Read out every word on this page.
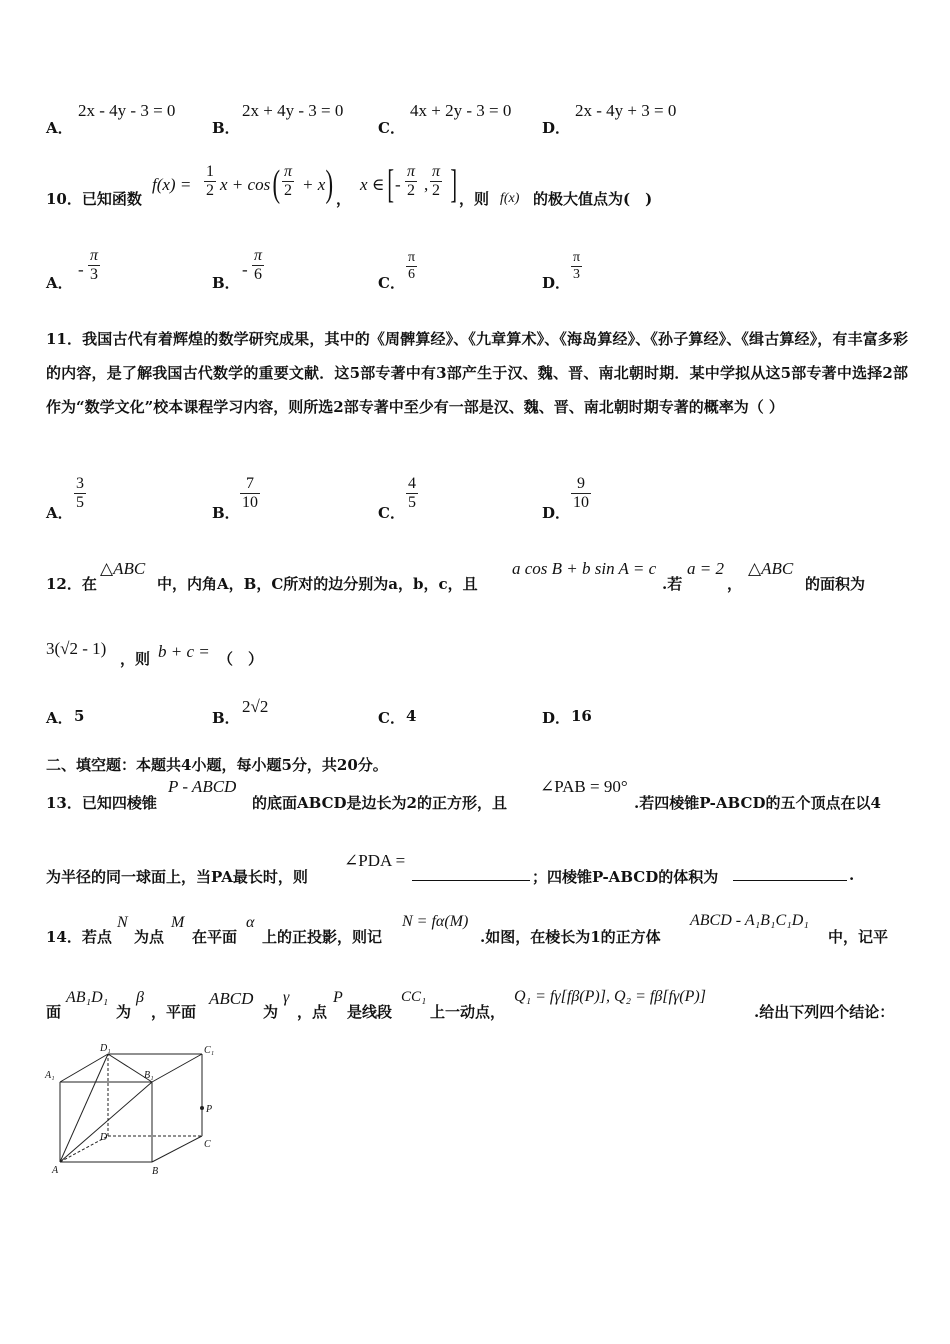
A．
2x - 4y - 3 = 0
B．
2x + 4y - 3 = 0
C．
4x + 2y - 3 = 0
D．
2x - 4y + 3 = 0
10．已知函数
$f(x) = \frac{1}{2}$ x + cos ( $\frac{\pi}{2} + x$ ) ，
x ∈ [ - $\frac{\pi}{2}$ , $\frac{\pi}{2}$ ] ，则 f(x) 的极大值点为(　)
A．
- $\frac{\pi}{3}$	B．
- $\frac{\pi}{6}$	C． $\frac{\pi}{6}$	D． $\frac{\pi}{3}$
11．我国古代有着辉煌的数学研究成果，其中的《周髀算经》、《九章算术》、《海岛算经》、《孙子算经》、《缉古算经》，有丰富多彩的内容，是了解我国古代数学的重要文献．这5部专著中有3部产生于汉、魏、晋、南北朝时期．某中学拟从这5部专著中选择2部作为“数学文化”校本课程学习内容，则所选2部专著中至少有一部是汉、魏、晋、南北朝时期专著的概率为（ ）
A．
$\frac{3}{5}$
B．
$\frac{7}{10}$
C．
$\frac{4}{5}$
D．
$\frac{9}{10}$
12．在
△ABC
中，内角A，B，C所对的边分别为a，b，c，且
a cos B + b sin A = c
.若
a = 2
，
△ABC
的面积为
3(√2 - 1)
，则 b + c = （　）
A． 5	B．
2√2
C． 4	D． 16
二、填空题：本题共4小题，每小题5分，共20分。
13．已知四棱锥
P - ABCD
的底面ABCD是边长为2的正方形，且
∠PAB = 90°
.若四棱锥P-ABCD的五个顶点在以4
为半径的同一球面上，当PA最长时，则
∠PDA =
；四棱锥P-ABCD的体积为	.
14．若点
N
为点
M
在平面
α
上的正投影，则记
N = fα(M)
.如图，在棱长为1的正方体
ABCD - A₁B₁C₁D₁
中，记平
面
AB₁D₁
为
β
，平面
ABCD
为
γ
，点
P
是线段
CC₁
上一动点，
Q₁ = fγ[fβ(P)], Q₂ = fβ[fγ(P)]
.给出下列四个结论：
D₁	C₁
A₁	B₁
P
D
C
A	B
